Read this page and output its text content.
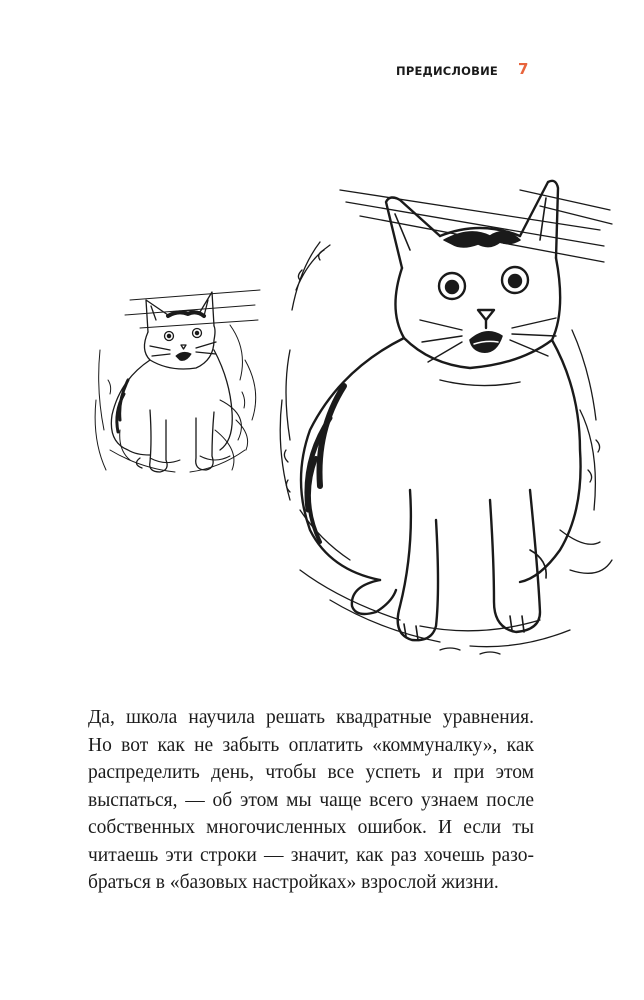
ПРЕДИСЛОВИЕ 7
Да, школа научила решать квадратные уравнения.
Но вот как не забыть оплатить «коммуналку», как
распределить день, чтобы все успеть и при этом
выспаться, — об этом мы чаще всего узнаем после
собственных многочисленных ошибок. И если ты
читаешь эти строки — значит, как раз хочешь разо-
браться в «базовых настройках» взрослой жизни.
